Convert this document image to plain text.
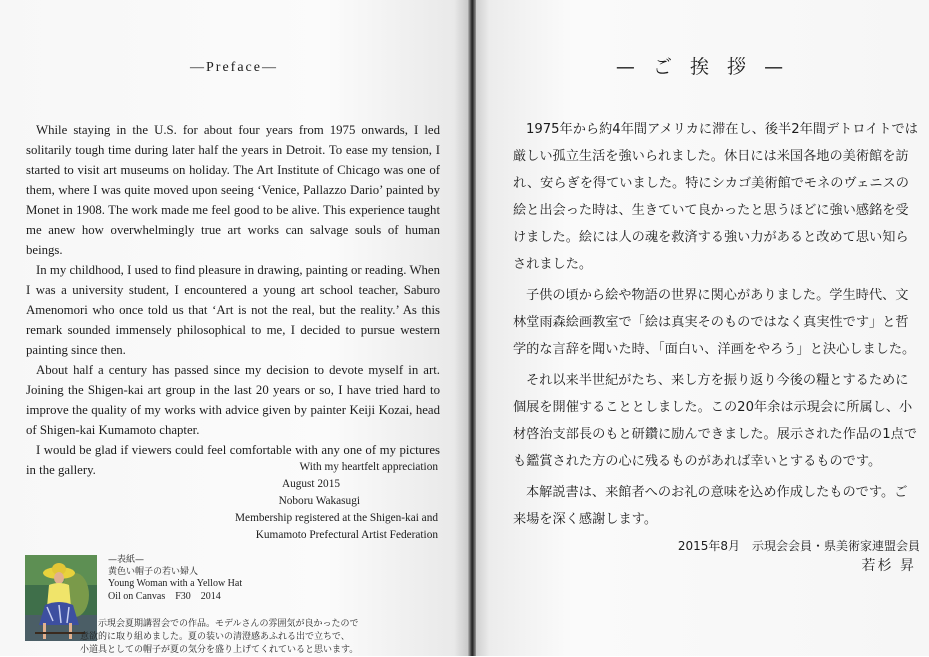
—Preface—

While staying in the U.S. for about four years from 1975 onwards, I led solitarily tough time during later half the years in Detroit. To ease my tension, I started to visit art museums on holiday. The Art Institute of Chicago was one of them, where I was quite moved upon seeing ‘Venice, Pallazzo Dario’ painted by Monet in 1908. The work made me feel good to be alive. This experience taught me anew how overwhelmingly true art works can salvage souls of human beings.

In my childhood, I used to find pleasure in drawing, painting or reading. When I was a university student, I encountered a young art school teacher, Saburo Amenomori who once told us that ‘Art is not the real, but the reality.’ As this remark sounded immensely philosophical to me, I decided to pursue western painting since then.

About half a century has passed since my decision to devote myself in art. Joining the Shigen-kai art group in the last 20 years or so, I have tried hard to improve the quality of my works with advice given by painter Keiji Kozai, head of Shigen-kai Kumamoto chapter.

I would be glad if viewers could feel comfortable with any one of my pictures in the gallery.	With my heartfelt appreciation
August 2015
Noboru Wakasugi
Membership registered at the Shigen-kai and
Kumamoto Prefectural Artist Federation
—表紙—
黄色い帽子の若い婦人
Young Woman with a Yellow Hat
Oil on Canvas　F30　2014

示現会夏期講習会での作品。モデルさんの雰囲気が良かったので

意欲的に取り組めました。夏の装いの清澄感あふれる出で立ちで、

小道具としての帽子が夏の気分を盛り上げてくれていると思います。

— ご 挨 拶 —

1975年から約4年間アメリカに滞在し、後半2年間デトロイトでは厳しい孤立生活を強いられました。休日には米国各地の美術館を訪れ、安らぎを得ていました。特にシカゴ美術館でモネのヴェニスの絵と出会った時は、生きていて良かったと思うほどに強い感銘を受けました。絵には人の魂を救済する強い力があると改めて思い知らされました。

子供の頃から絵や物語の世界に関心がありました。学生時代、文林堂雨森絵画教室で「絵は真実そのものではなく真実性です」と哲学的な言辞を聞いた時、「面白い、洋画をやろう」と決心しました。

それ以来半世紀がたち、来し方を振り返り今後の糧とするために個展を開催することとしました。この20年余は示現会に所属し、小材啓治支部長のもと研鑽に励んできました。展示された作品の1点でも鑑賞された方の心に残るものがあれば幸いとするものです。

本解説書は、来館者へのお礼の意味を込め作成したものです。ご来場を深く感謝します。

2015年8月　示現会会員・県美術家連盟会員
若杉 昇
